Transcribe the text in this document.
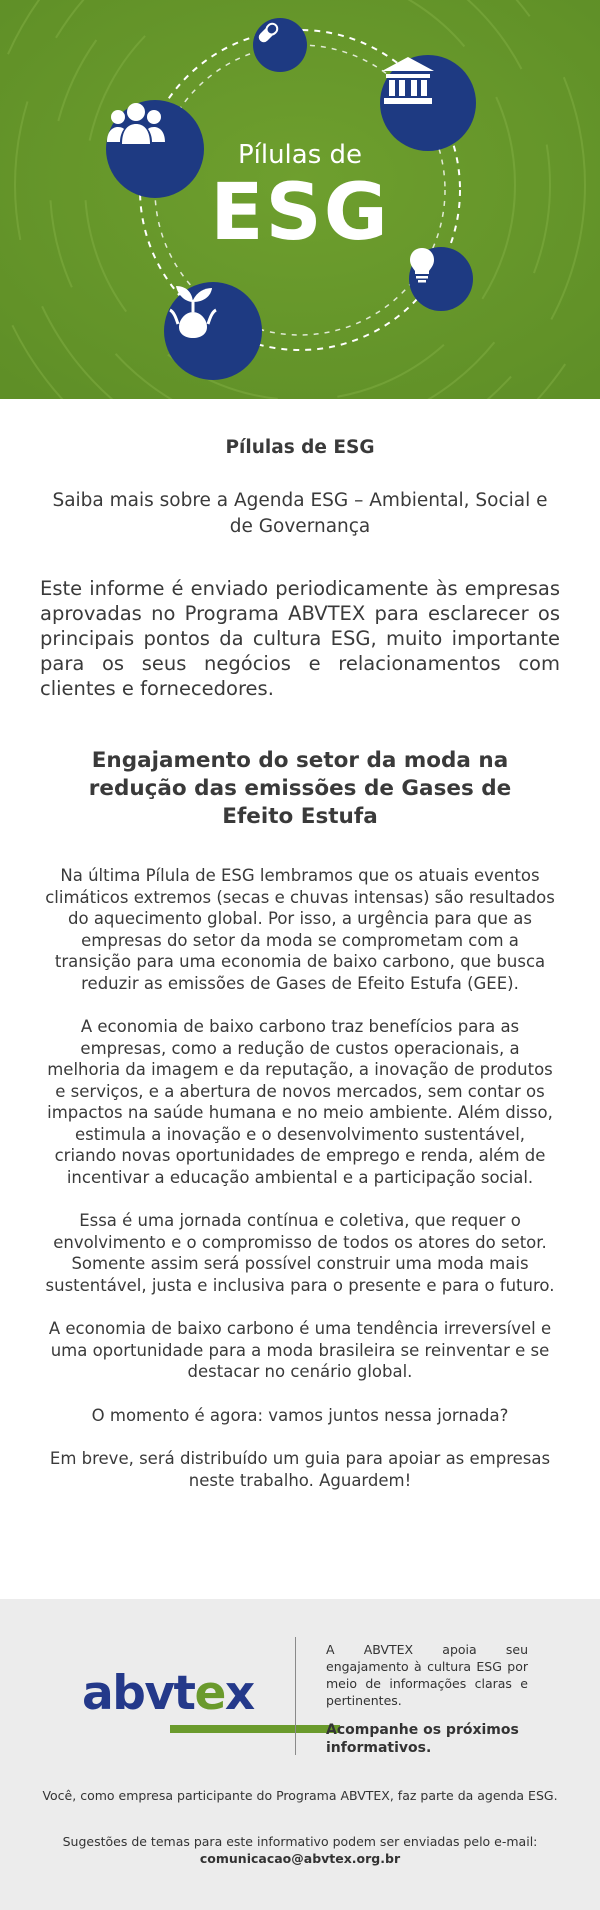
Pílulas de
ESG
Pílulas de ESG
Saiba mais sobre a Agenda ESG – Ambiental, Social e de Governança
Este informe é enviado periodicamente às empresas aprovadas no Programa ABVTEX para esclarecer os principais pontos da cultura ESG, muito importante para os seus negócios e relacionamentos com clientes e fornecedores.
Engajamento do setor da moda na redução das emissões de Gases de Efeito Estufa
Na última Pílula de ESG lembramos que os atuais eventos climáticos extremos (secas e chuvas intensas) são resultados do aquecimento global. Por isso, a urgência para que as empresas do setor da moda se comprometam com a transição para uma economia de baixo carbono, que busca reduzir as emissões de Gases de Efeito Estufa (GEE).
A economia de baixo carbono traz benefícios para as empresas, como a redução de custos operacionais, a melhoria da imagem e da reputação, a inovação de produtos e serviços, e a abertura de novos mercados, sem contar os impactos na saúde humana e no meio ambiente. Além disso, estimula a inovação e o desenvolvimento sustentável, criando novas oportunidades de emprego e renda, além de incentivar a educação ambiental e a participação social.
Essa é uma jornada contínua e coletiva, que requer o envolvimento e o compromisso de todos os atores do setor. Somente assim será possível construir uma moda mais sustentável, justa e inclusiva para o presente e para o futuro.
A economia de baixo carbono é uma tendência irreversível e uma oportunidade para a moda brasileira se reinventar e se destacar no cenário global.
O momento é agora: vamos juntos nessa jornada?
Em breve, será distribuído um guia para apoiar as empresas neste trabalho. Aguardem!
abvtex
A ABVTEX apoia seu engajamento à cultura ESG por meio de informações claras e pertinentes.
Acompanhe os próximos informativos.
Você, como empresa participante do Programa ABVTEX, faz parte da agenda ESG.
Sugestões de temas para este informativo podem ser enviadas pelo e-mail: comunicacao@abvtex.org.br
